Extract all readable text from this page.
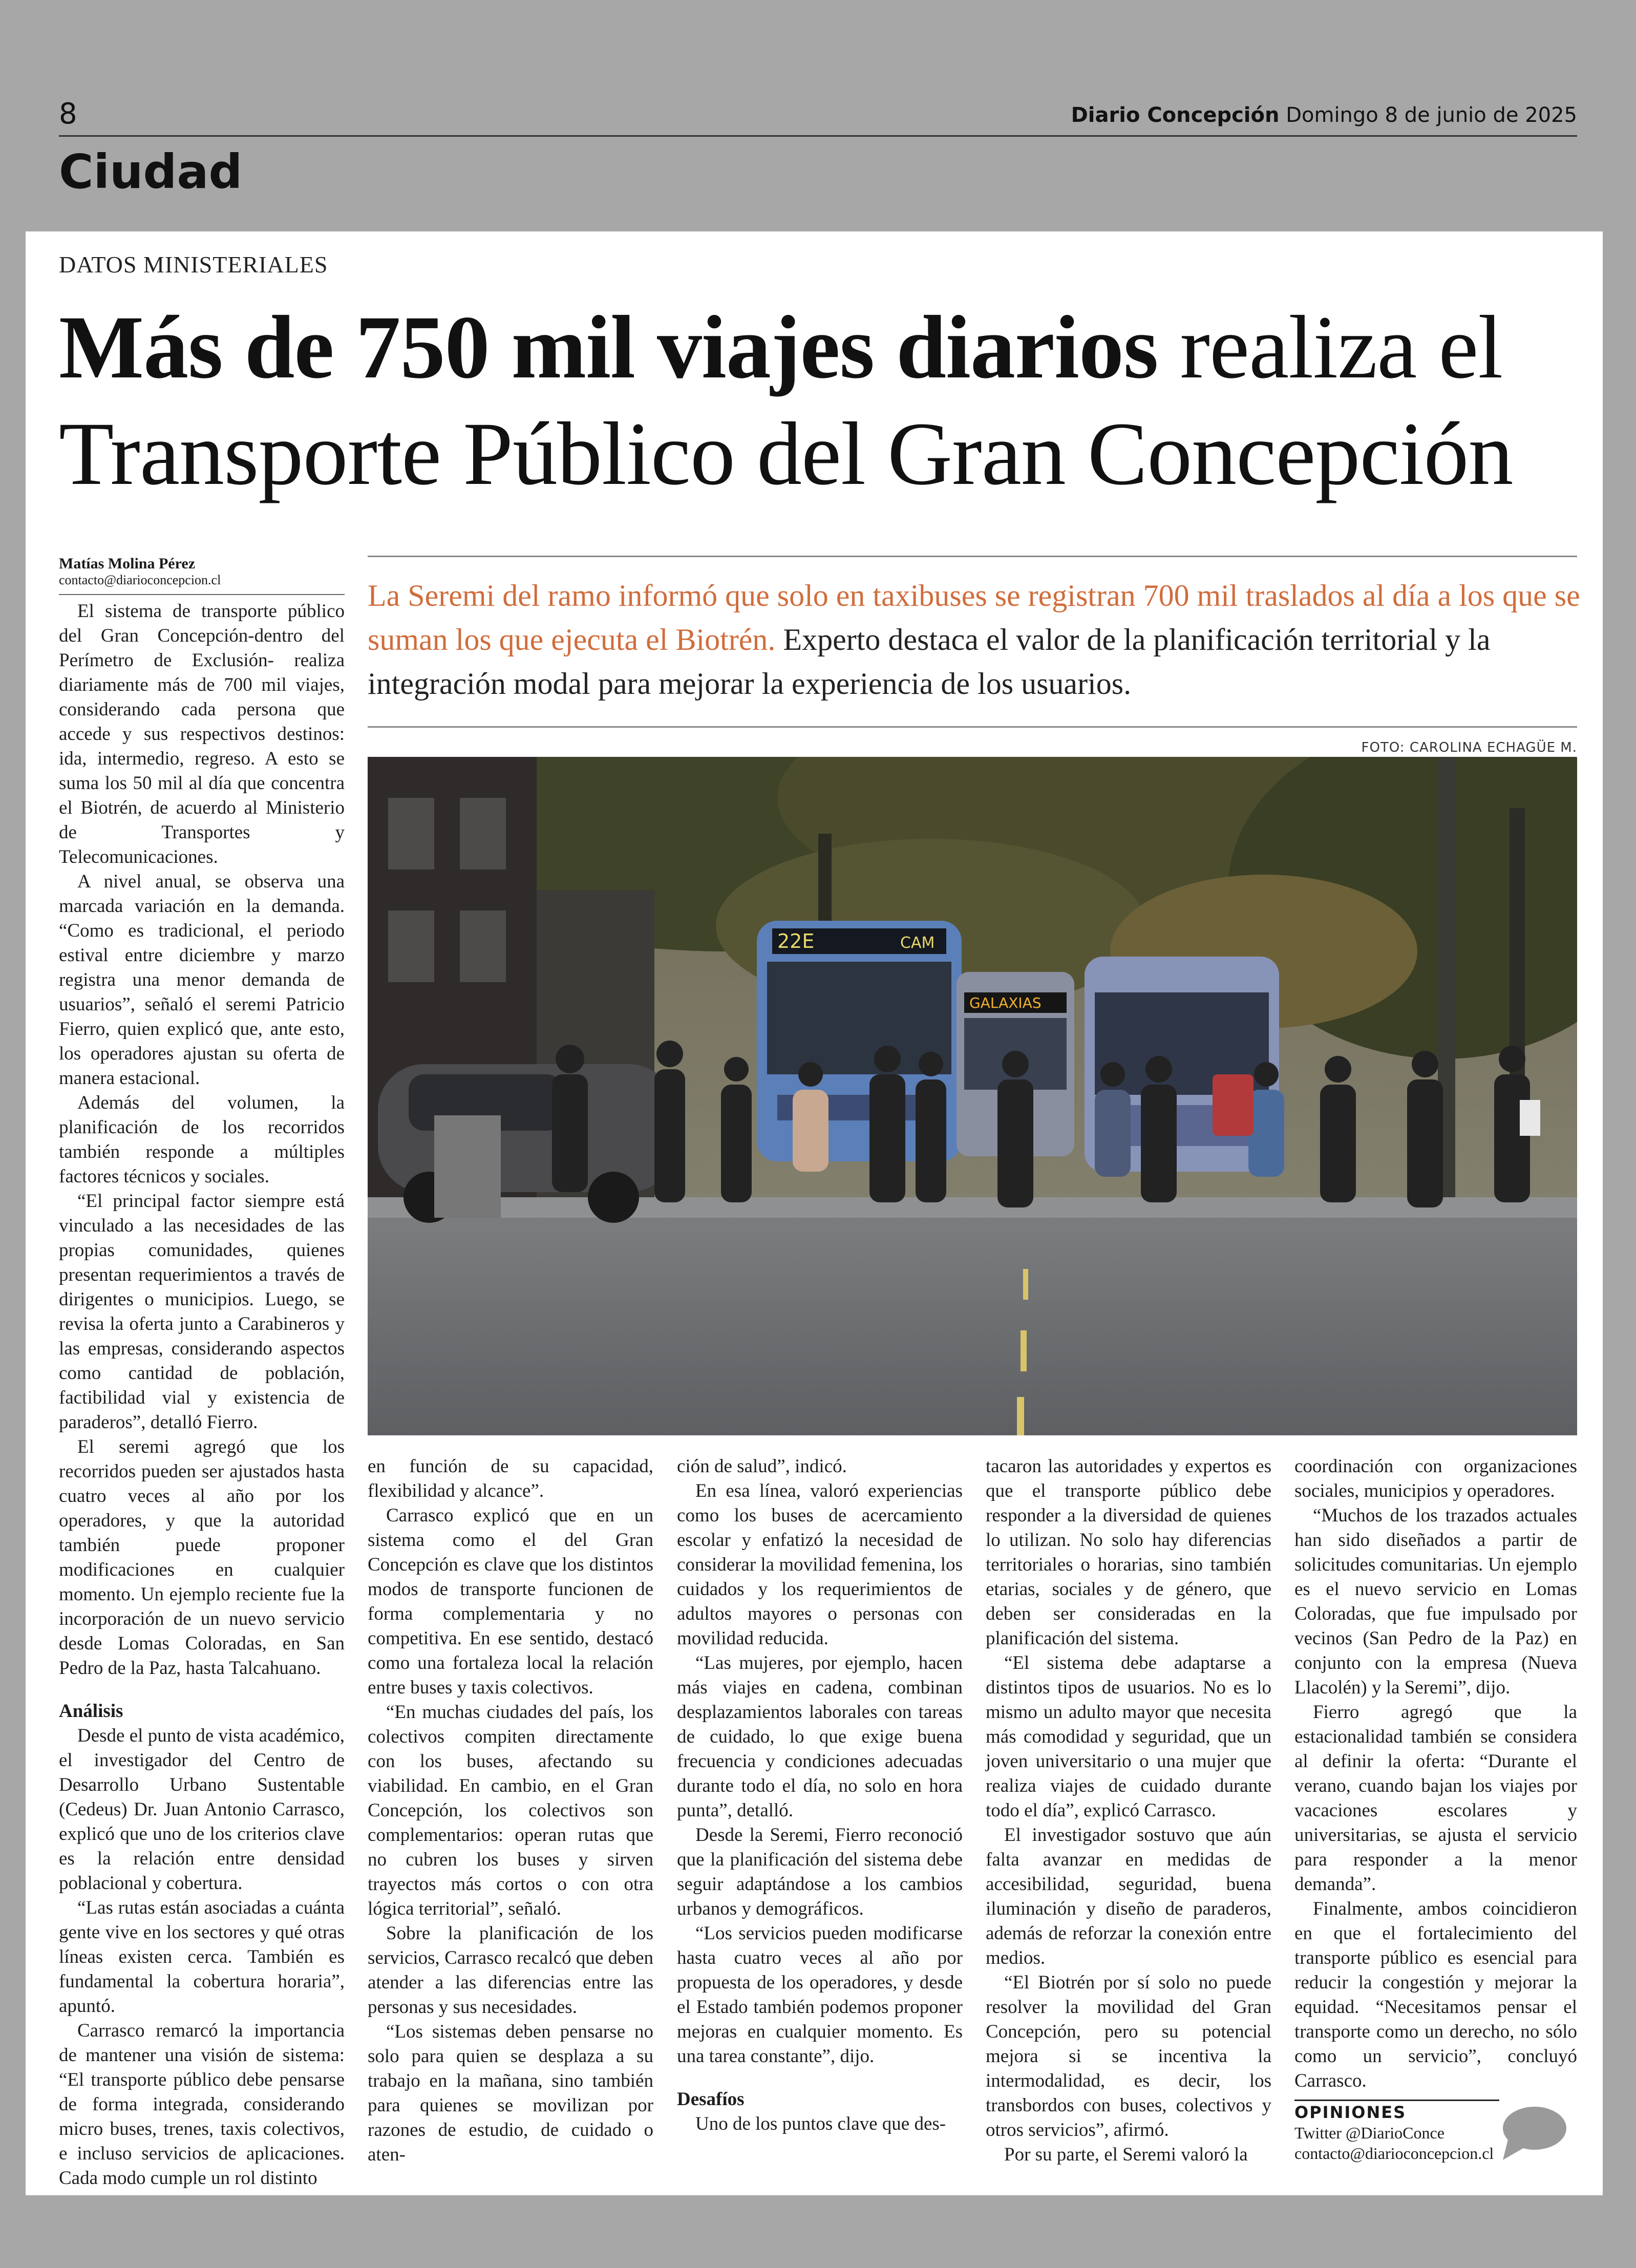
8	Diario Concepción Domingo 8 de junio de 2025
Ciudad
DATOS MINISTERIALES
Más de 750 mil viajes diarios realiza el Transporte Público del Gran Concepción
Matías Molina Pérez
contacto@diarioconcepcion.cl	La Seremi del ramo informó que solo en taxibuses se registran 700 mil traslados al día a los que se suman los que ejecuta el Biotrén. Experto destaca el valor de la planificación territorial y la integración modal para mejorar la experiencia de los usuarios.
FOTO: CAROLINA ECHAGÜE M.
22E	CAM
GALAXIAS

El sistema de transporte público del Gran Concepción-dentro del Perímetro de Exclusión- realiza diariamente más de 700 mil viajes, considerando cada persona que accede y sus respectivos destinos: ida, intermedio, regreso. A esto se suma los 50 mil al día que concentra el Biotrén, de acuerdo al Ministerio de Transportes y Telecomunicaciones.

A nivel anual, se observa una marcada variación en la demanda. “Como es tradicional, el periodo estival entre diciembre y marzo registra una menor demanda de usuarios”, señaló el seremi Patricio Fierro, quien explicó que, ante esto, los operadores ajustan su oferta de manera estacional.

Además del volumen, la planificación de los recorridos también responde a múltiples factores técnicos y sociales.

“El principal factor siempre está vinculado a las necesidades de las propias comunidades, quienes presentan requerimientos a través de dirigentes o municipios. Luego, se revisa la oferta junto a Carabineros y las empresas, considerando aspectos como cantidad de población, factibilidad vial y existencia de paraderos”, detalló Fierro.

El seremi agregó que los recorridos pueden ser ajustados hasta cuatro veces al año por los operadores, y que la autoridad también puede proponer modificaciones en cualquier momento. Un ejemplo reciente fue la incorporación de un nuevo servicio desde Lomas Coloradas, en San Pedro de la Paz, hasta Talcahuano.

Análisis

Desde el punto de vista académico, el investigador del Centro de Desarrollo Urbano Sustentable (Cedeus) Dr. Juan Antonio Carrasco, explicó que uno de los criterios clave es la relación entre densidad poblacional y cobertura.

“Las rutas están asociadas a cuánta gente vive en los sectores y qué otras líneas existen cerca. También es fundamental la cobertura horaria”, apuntó.

Carrasco remarcó la importancia de mantener una visión de sistema: “El transporte público debe pensarse de forma integrada, considerando micro buses, trenes, taxis colectivos, e incluso servicios de aplicaciones. Cada modo cumple un rol distinto

en función de su capacidad, flexibilidad y alcance”.

Carrasco explicó que en un sistema como el del Gran Concepción es clave que los distintos modos de transporte funcionen de forma complementaria y no competitiva. En ese sentido, destacó como una fortaleza local la relación entre buses y taxis colectivos.

“En muchas ciudades del país, los colectivos compiten directamente con los buses, afectando su viabilidad. En cambio, en el Gran Concepción, los colectivos son complementarios: operan rutas que no cubren los buses y sirven trayectos más cortos o con otra lógica territorial”, señaló.

Sobre la planificación de los servicios, Carrasco recalcó que deben atender a las diferencias entre las personas y sus necesidades.

“Los sistemas deben pensarse no solo para quien se desplaza a su trabajo en la mañana, sino también para quienes se movilizan por razones de estudio, de cuidado o aten-

ción de salud”, indicó.

En esa línea, valoró experiencias como los buses de acercamiento escolar y enfatizó la necesidad de considerar la movilidad femenina, los cuidados y los requerimientos de adultos mayores o personas con movilidad reducida.

“Las mujeres, por ejemplo, hacen más viajes en cadena, combinan desplazamientos laborales con tareas de cuidado, lo que exige buena frecuencia y condiciones adecuadas durante todo el día, no solo en hora punta”, detalló.

Desde la Seremi, Fierro reconoció que la planificación del sistema debe seguir adaptándose a los cambios urbanos y demográficos.

“Los servicios pueden modificarse hasta cuatro veces al año por propuesta de los operadores, y desde el Estado también podemos proponer mejoras en cualquier momento. Es una tarea constante”, dijo.

Desafíos

Uno de los puntos clave que des-

tacaron las autoridades y expertos es que el transporte público debe responder a la diversidad de quienes lo utilizan. No solo hay diferencias territoriales o horarias, sino también etarias, sociales y de género, que deben ser consideradas en la planificación del sistema.

“El sistema debe adaptarse a distintos tipos de usuarios. No es lo mismo un adulto mayor que necesita más comodidad y seguridad, que un joven universitario o una mujer que realiza viajes de cuidado durante todo el día”, explicó Carrasco.

El investigador sostuvo que aún falta avanzar en medidas de accesibilidad, seguridad, buena iluminación y diseño de paraderos, además de reforzar la conexión entre medios.

“El Biotrén por sí solo no puede resolver la movilidad del Gran Concepción, pero su potencial mejora si se incentiva la intermodalidad, es decir, los transbordos con buses, colectivos y otros servicios”, afirmó.

Por su parte, el Seremi valoró la

coordinación con organizaciones sociales, municipios y operadores.

“Muchos de los trazados actuales han sido diseñados a partir de solicitudes comunitarias. Un ejemplo es el nuevo servicio en Lomas Coloradas, que fue impulsado por vecinos (San Pedro de la Paz) en conjunto con la empresa (Nueva Llacolén) y la Seremi”, dijo.

Fierro agregó que la estacionalidad también se considera al definir la oferta: “Durante el verano, cuando bajan los viajes por vacaciones escolares y universitarias, se ajusta el servicio para responder a la menor demanda”.

Finalmente, ambos coincidieron en que el fortalecimiento del transporte público es esencial para reducir la congestión y mejorar la equidad. “Necesitamos pensar el transporte como un derecho, no sólo como un servicio”, concluyó Carrasco.

OPINIONES
Twitter @DiarioConce
contacto@diarioconcepcion.cl
